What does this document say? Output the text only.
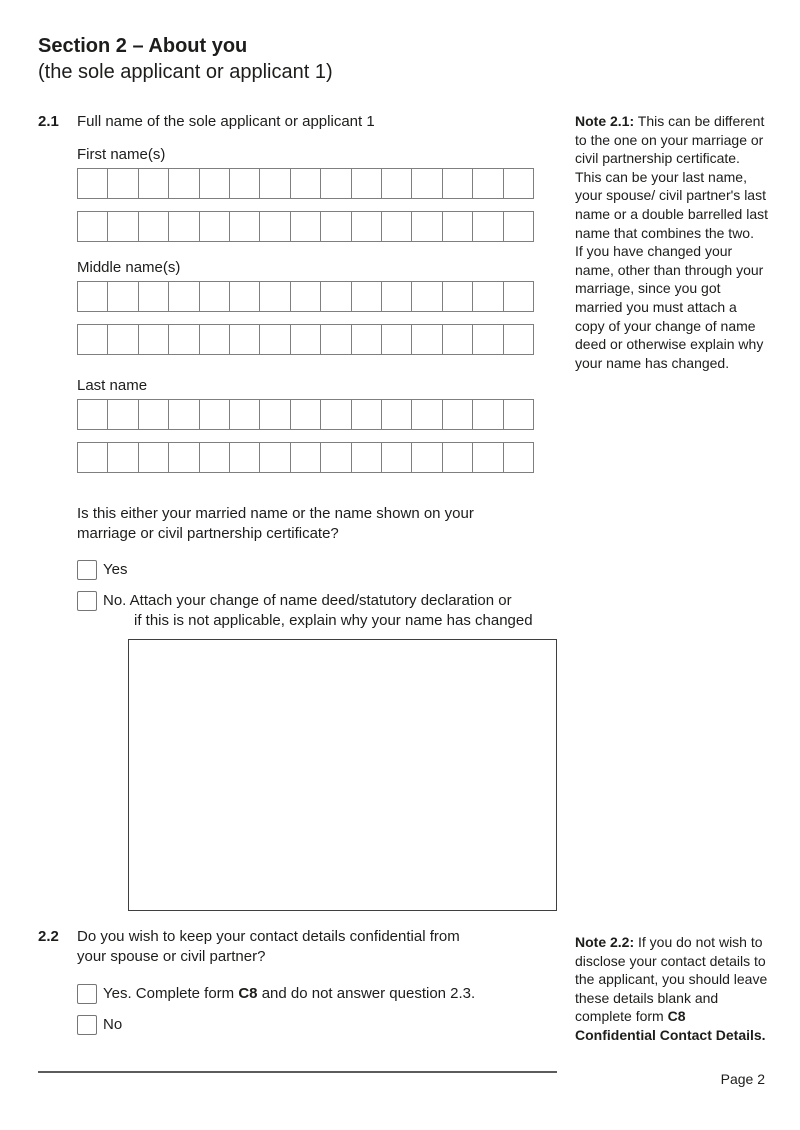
Section 2 – About you
(the sole applicant or applicant 1)
2.1 Full name of the sole applicant or applicant 1
First name(s)
Middle name(s)
Last name
Is this either your married name or the name shown on your
marriage or civil partnership certificate?
Yes
No. Attach your change of name deed/statutory declaration or
if this is not applicable, explain why your name has changed
2.2 Do you wish to keep your contact details confidential from
your spouse or civil partner?
Yes. Complete form C8 and do not answer question 2.3.
No
Page 2

Note 2.1: This can be different to the one on your marriage or civil partnership certificate. This can be your last name, your spouse/ civil partner's last name or a double barrelled last name that combines the two.

If you have changed your name, other than through your marriage, since you got married you must attach a copy of your change of name deed or otherwise explain why your name has changed.

Note 2.2: If you do not wish to disclose your contact details to the applicant, you should leave these details blank and complete form C8 Confidential Contact Details.
